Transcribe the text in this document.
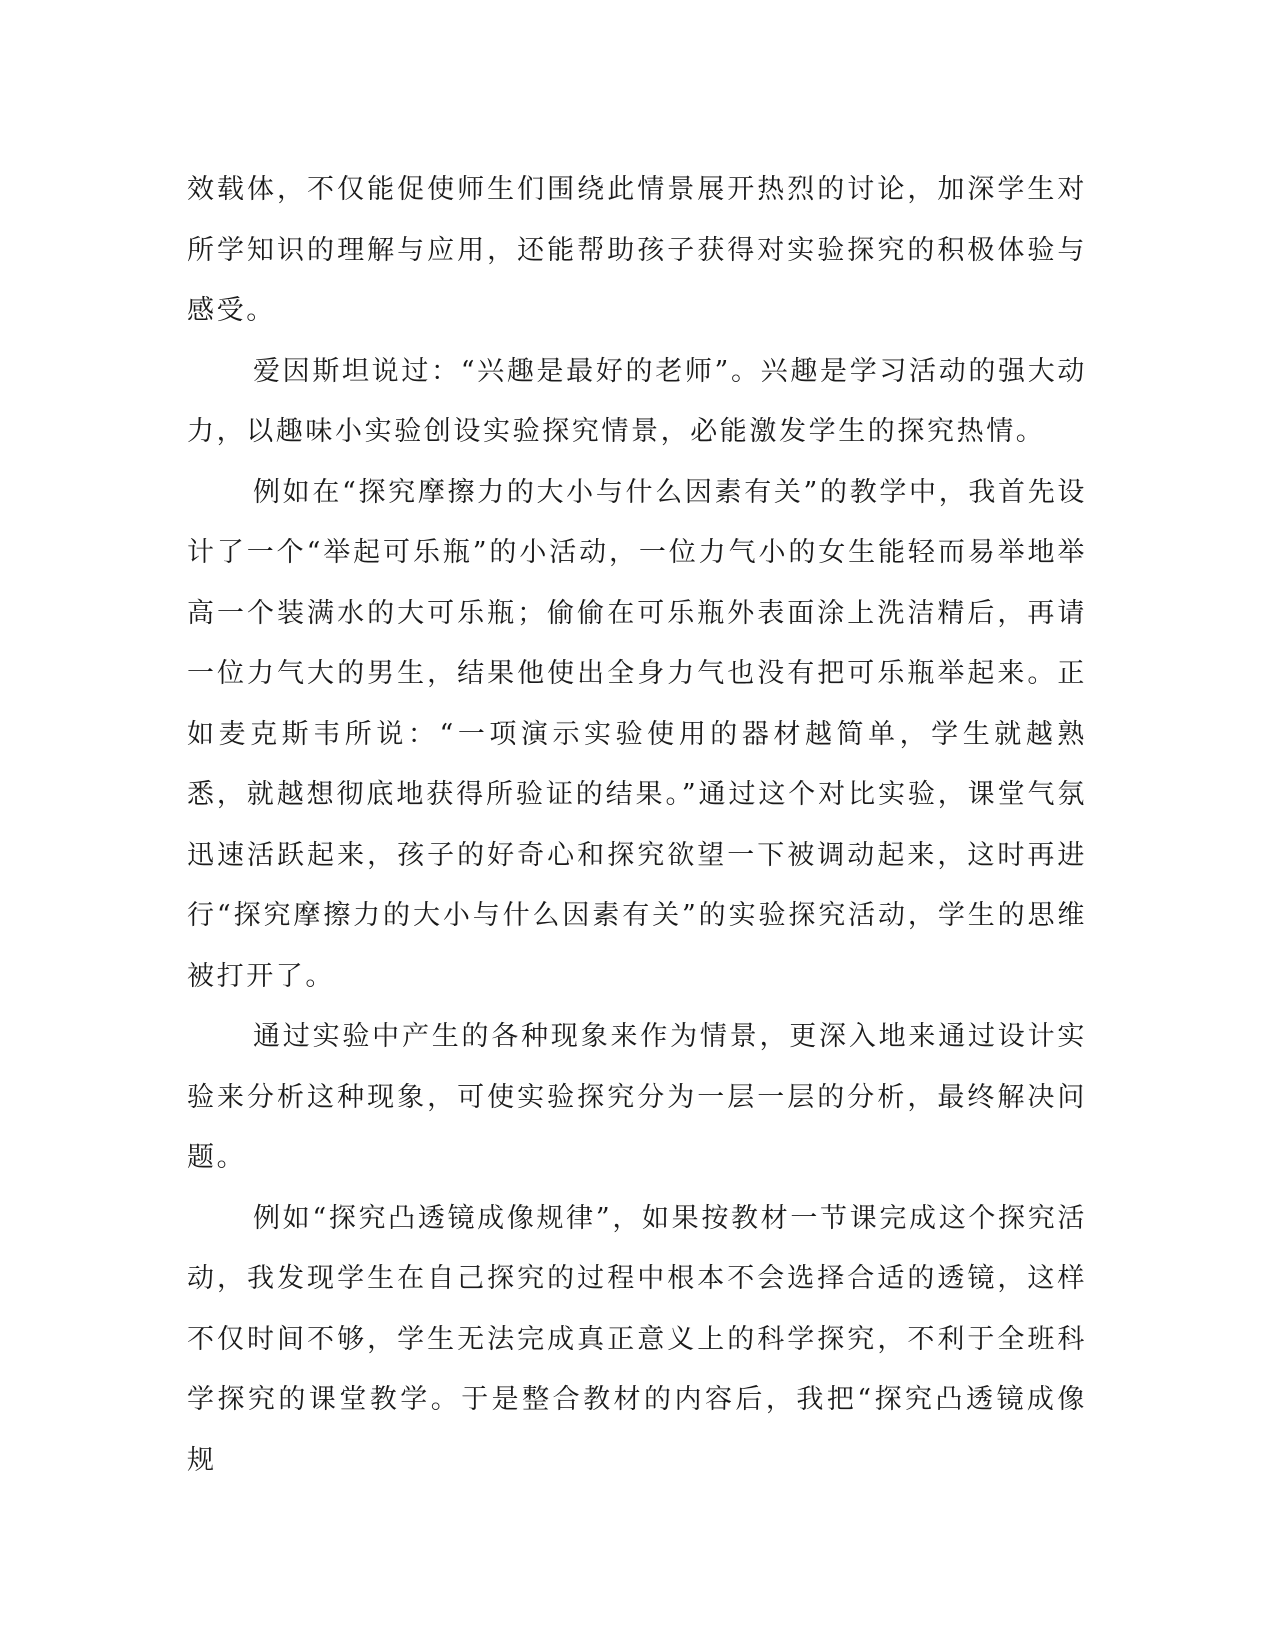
效载体，不仅能促使师生们围绕此情景展开热烈的讨论，加深学生对所学知识的理解与应用，还能帮助孩子获得对实验探究的积极体验与感受。

爱因斯坦说过：“兴趣是最好的老师”。兴趣是学习活动的强大动力，以趣味小实验创设实验探究情景，必能激发学生的探究热情。

例如在“探究摩擦力的大小与什么因素有关”的教学中，我首先设计了一个“举起可乐瓶”的小活动，一位力气小的女生能轻而易举地举高一个装满水的大可乐瓶；偷偷在可乐瓶外表面涂上洗洁精后，再请一位力气大的男生，结果他使出全身力气也没有把可乐瓶举起来。正如麦克斯韦所说：“一项演示实验使用的器材越简单，学生就越熟悉，就越想彻底地获得所验证的结果。”通过这个对比实验，课堂气氛迅速活跃起来，孩子的好奇心和探究欲望一下被调动起来，这时再进行“探究摩擦力的大小与什么因素有关”的实验探究活动，学生的思维被打开了。

通过实验中产生的各种现象来作为情景，更深入地来通过设计实验来分析这种现象，可使实验探究分为一层一层的分析，最终解决问题。

例如“探究凸透镜成像规律”，如果按教材一节课完成这个探究活动，我发现学生在自己探究的过程中根本不会选择合适的透镜，这样不仅时间不够，学生无法完成真正意义上的科学探究，不利于全班科学探究的课堂教学。于是整合教材的内容后，我把“探究凸透镜成像规
